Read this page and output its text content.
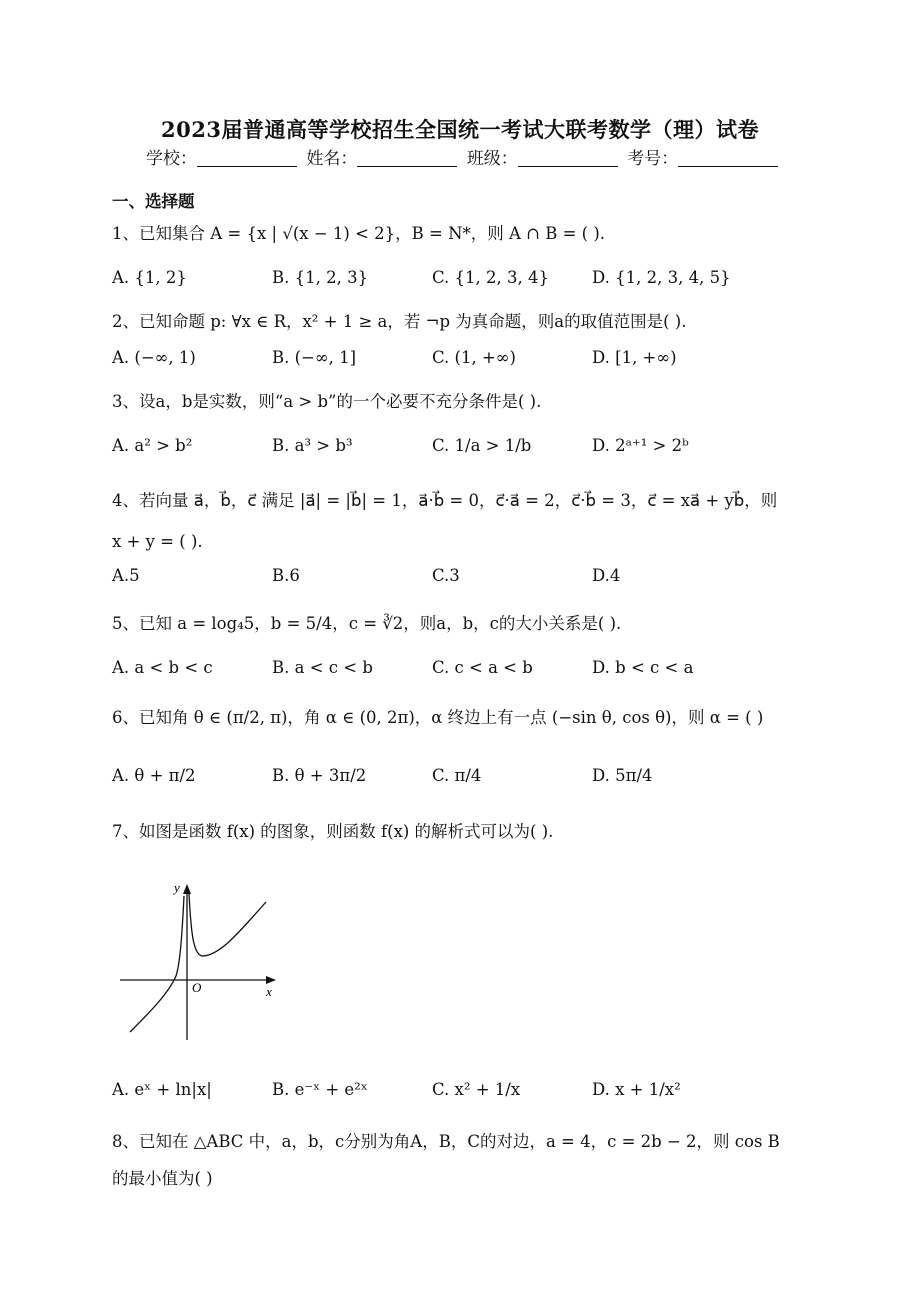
2023届普通高等学校招生全国统一考试大联考数学（理）试卷
学校：	姓名：	班级：	考号：
一、选择题
1、已知集合 A = {x | √(x − 1) < 2}，B = N*，则 A ∩ B = ( ).
A. {1, 2}	B. {1, 2, 3}	C. {1, 2, 3, 4}	D. {1, 2, 3, 4, 5}
2、已知命题 p: ∀x ∈ R，x² + 1 ≥ a，若 ¬p 为真命题，则a的取值范围是( ).
A. (−∞, 1)	B. (−∞, 1]	C. (1, +∞)	D. [1, +∞)
3、设a，b是实数，则“a > b”的一个必要不充分条件是( ).
A. a² > b²	B. a³ > b³	C. 1/a > 1/b	D. 2ᵃ⁺¹ > 2ᵇ
4、若向量 a⃗，b⃗，c⃗ 满足 |a⃗| = |b⃗| = 1，a⃗·b⃗ = 0，c⃗·a⃗ = 2，c⃗·b⃗ = 3，c⃗ = xa⃗ + yb⃗，则
x + y = ( ).
A.5	B.6	C.3	D.4
5、已知 a = log₄5，b = 5/4，c = ∛2，则a，b，c的大小关系是( ).
A. a < b < c	B. a < c < b	C. c < a < b	D. b < c < a
6、已知角 θ ∈ (π/2, π)，角 α ∈ (0, 2π)，α 终边上有一点 (−sin θ, cos θ)，则 α = ( )
A. θ + π/2	B. θ + 3π/2	C. π/4	D. 5π/4
7、如图是函数 f(x) 的图象，则函数 f(x) 的解析式可以为( ).
y
x
O
A. eˣ + ln|x|	B. e⁻ˣ + e²ˣ	C. x² + 1/x	D. x + 1/x²
8、已知在 △ABC 中，a，b，c分别为角A，B，C的对边，a = 4，c = 2b − 2，则 cos B
的最小值为( )
